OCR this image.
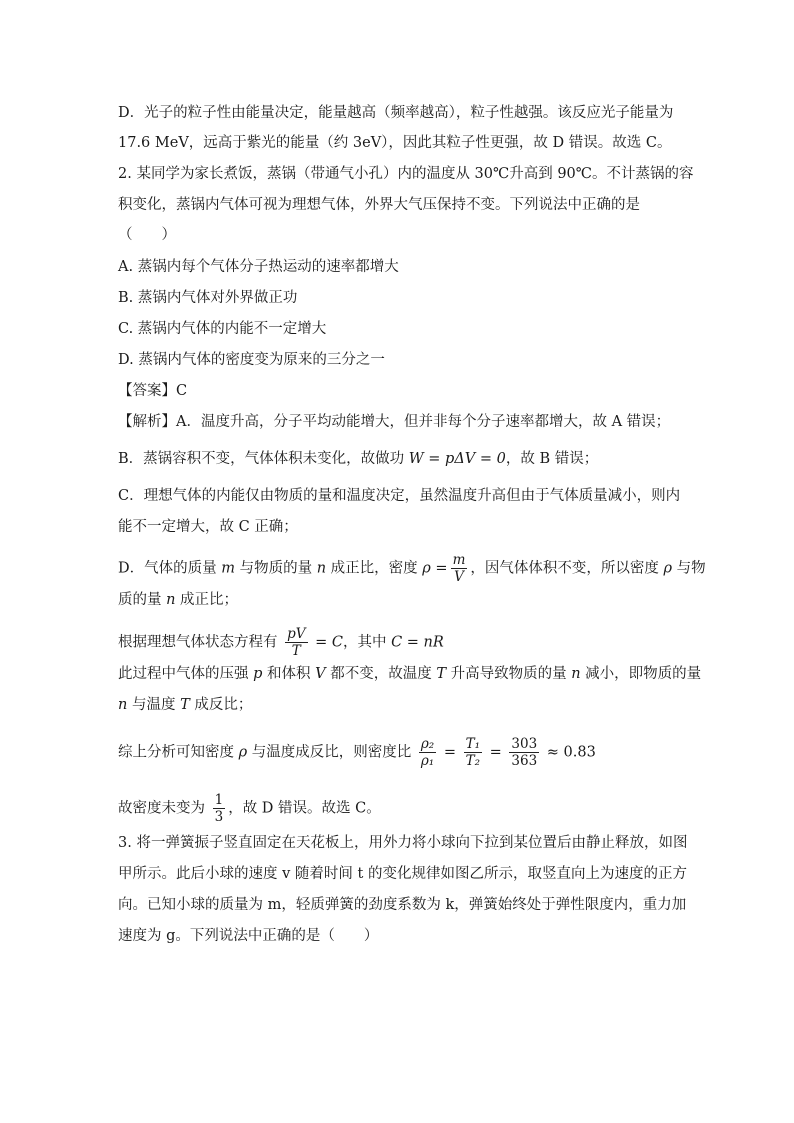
D．光子的粒子性由能量决定，能量越高（频率越高），粒子性越强。该反应光子能量为
17.6 MeV，远高于紫光的能量（约 3eV），因此其粒子性更强，故 D 错误。故选 C。
2. 某同学为家长煮饭，蒸锅（带通气小孔）内的温度从 30℃升高到 90℃。不计蒸锅的容
积变化，蒸锅内气体可视为理想气体，外界大气压保持不变。下列说法中正确的是
（　　）
A. 蒸锅内每个气体分子热运动的速率都增大
B. 蒸锅内气体对外界做正功
C. 蒸锅内气体的内能不一定增大
D. 蒸锅内气体的密度变为原来的三分之一
【答案】C
【解析】A．温度升高，分子平均动能增大，但并非每个分子速率都增大，故 A 错误；
B．蒸锅容积不变，气体体积未变化，故做功 W = pΔV = 0，故 B 错误；
C．理想气体的内能仅由物质的量和温度决定，虽然温度升高但由于气体质量减小，则内
能不一定增大，故 C 正确；
D．气体的质量 m 与物质的量 n 成正比，密度 $\rho = \frac{m}{V}$ ，因气体体积不变，所以密度 ρ 与物
质的量 n 成正比；
根据理想气体状态方程有 $\frac{pV}{T} = C$，其中 C = nR
此过程中气体的压强 p 和体积 V 都不变，故温度 T 升高导致物质的量 n 减小，即物质的量
n 与温度 T 成反比；
综上分析可知密度 ρ 与温度成反比，则密度比 $\frac{\text{ρ₂}}{\text{ρ₁}} = \frac{\text{T₁}}{\text{T₂}} = \frac{303}{363} \approx 0.83$
故密度未变为 $\frac{1}{3}$ ，故 D 错误。故选 C。
3. 将一弹簧振子竖直固定在天花板上，用外力将小球向下拉到某位置后由静止释放，如图
甲所示。此后小球的速度 v 随着时间 t 的变化规律如图乙所示，取竖直向上为速度的正方
向。已知小球的质量为 m，轻质弹簧的劲度系数为 k，弹簧始终处于弹性限度内，重力加
速度为 g。下列说法中正确的是（　　）
